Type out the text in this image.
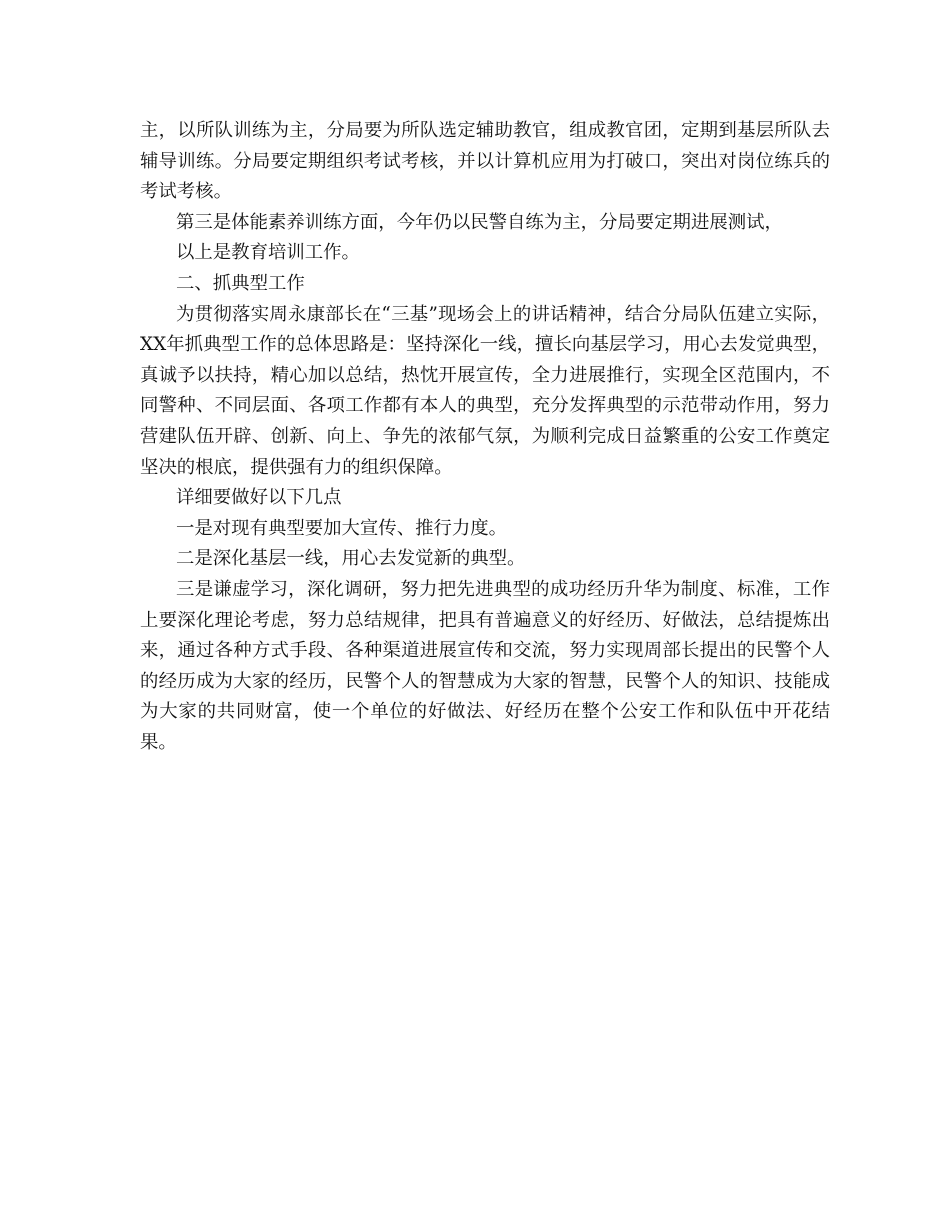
主，以所队训练为主，分局要为所队选定辅助教官，组成教官团，定期到基层所队去辅导训练。分局要定期组织考试考核，并以计算机应用为打破口，突出对岗位练兵的考试考核。

第三是体能素养训练方面，今年仍以民警自练为主，分局要定期进展测试，

以上是教育培训工作。

二、抓典型工作

为贯彻落实周永康部长在“三基”现场会上的讲话精神，结合分局队伍建立实际，XX年抓典型工作的总体思路是：坚持深化一线，擅长向基层学习，用心去发觉典型，真诚予以扶持，精心加以总结，热忱开展宣传，全力进展推行，实现全区范围内，不同警种、不同层面、各项工作都有本人的典型，充分发挥典型的示范带动作用，努力营建队伍开辟、创新、向上、争先的浓郁气氛，为顺利完成日益繁重的公安工作奠定坚决的根底，提供强有力的组织保障。

详细要做好以下几点

一是对现有典型要加大宣传、推行力度。

二是深化基层一线，用心去发觉新的典型。

三是谦虚学习，深化调研，努力把先进典型的成功经历升华为制度、标准，工作上要深化理论考虑，努力总结规律，把具有普遍意义的好经历、好做法，总结提炼出来，通过各种方式手段、各种渠道进展宣传和交流，努力实现周部长提出的民警个人的经历成为大家的经历，民警个人的智慧成为大家的智慧，民警个人的知识、技能成为大家的共同财富，使一个单位的好做法、好经历在整个公安工作和队伍中开花结果。
